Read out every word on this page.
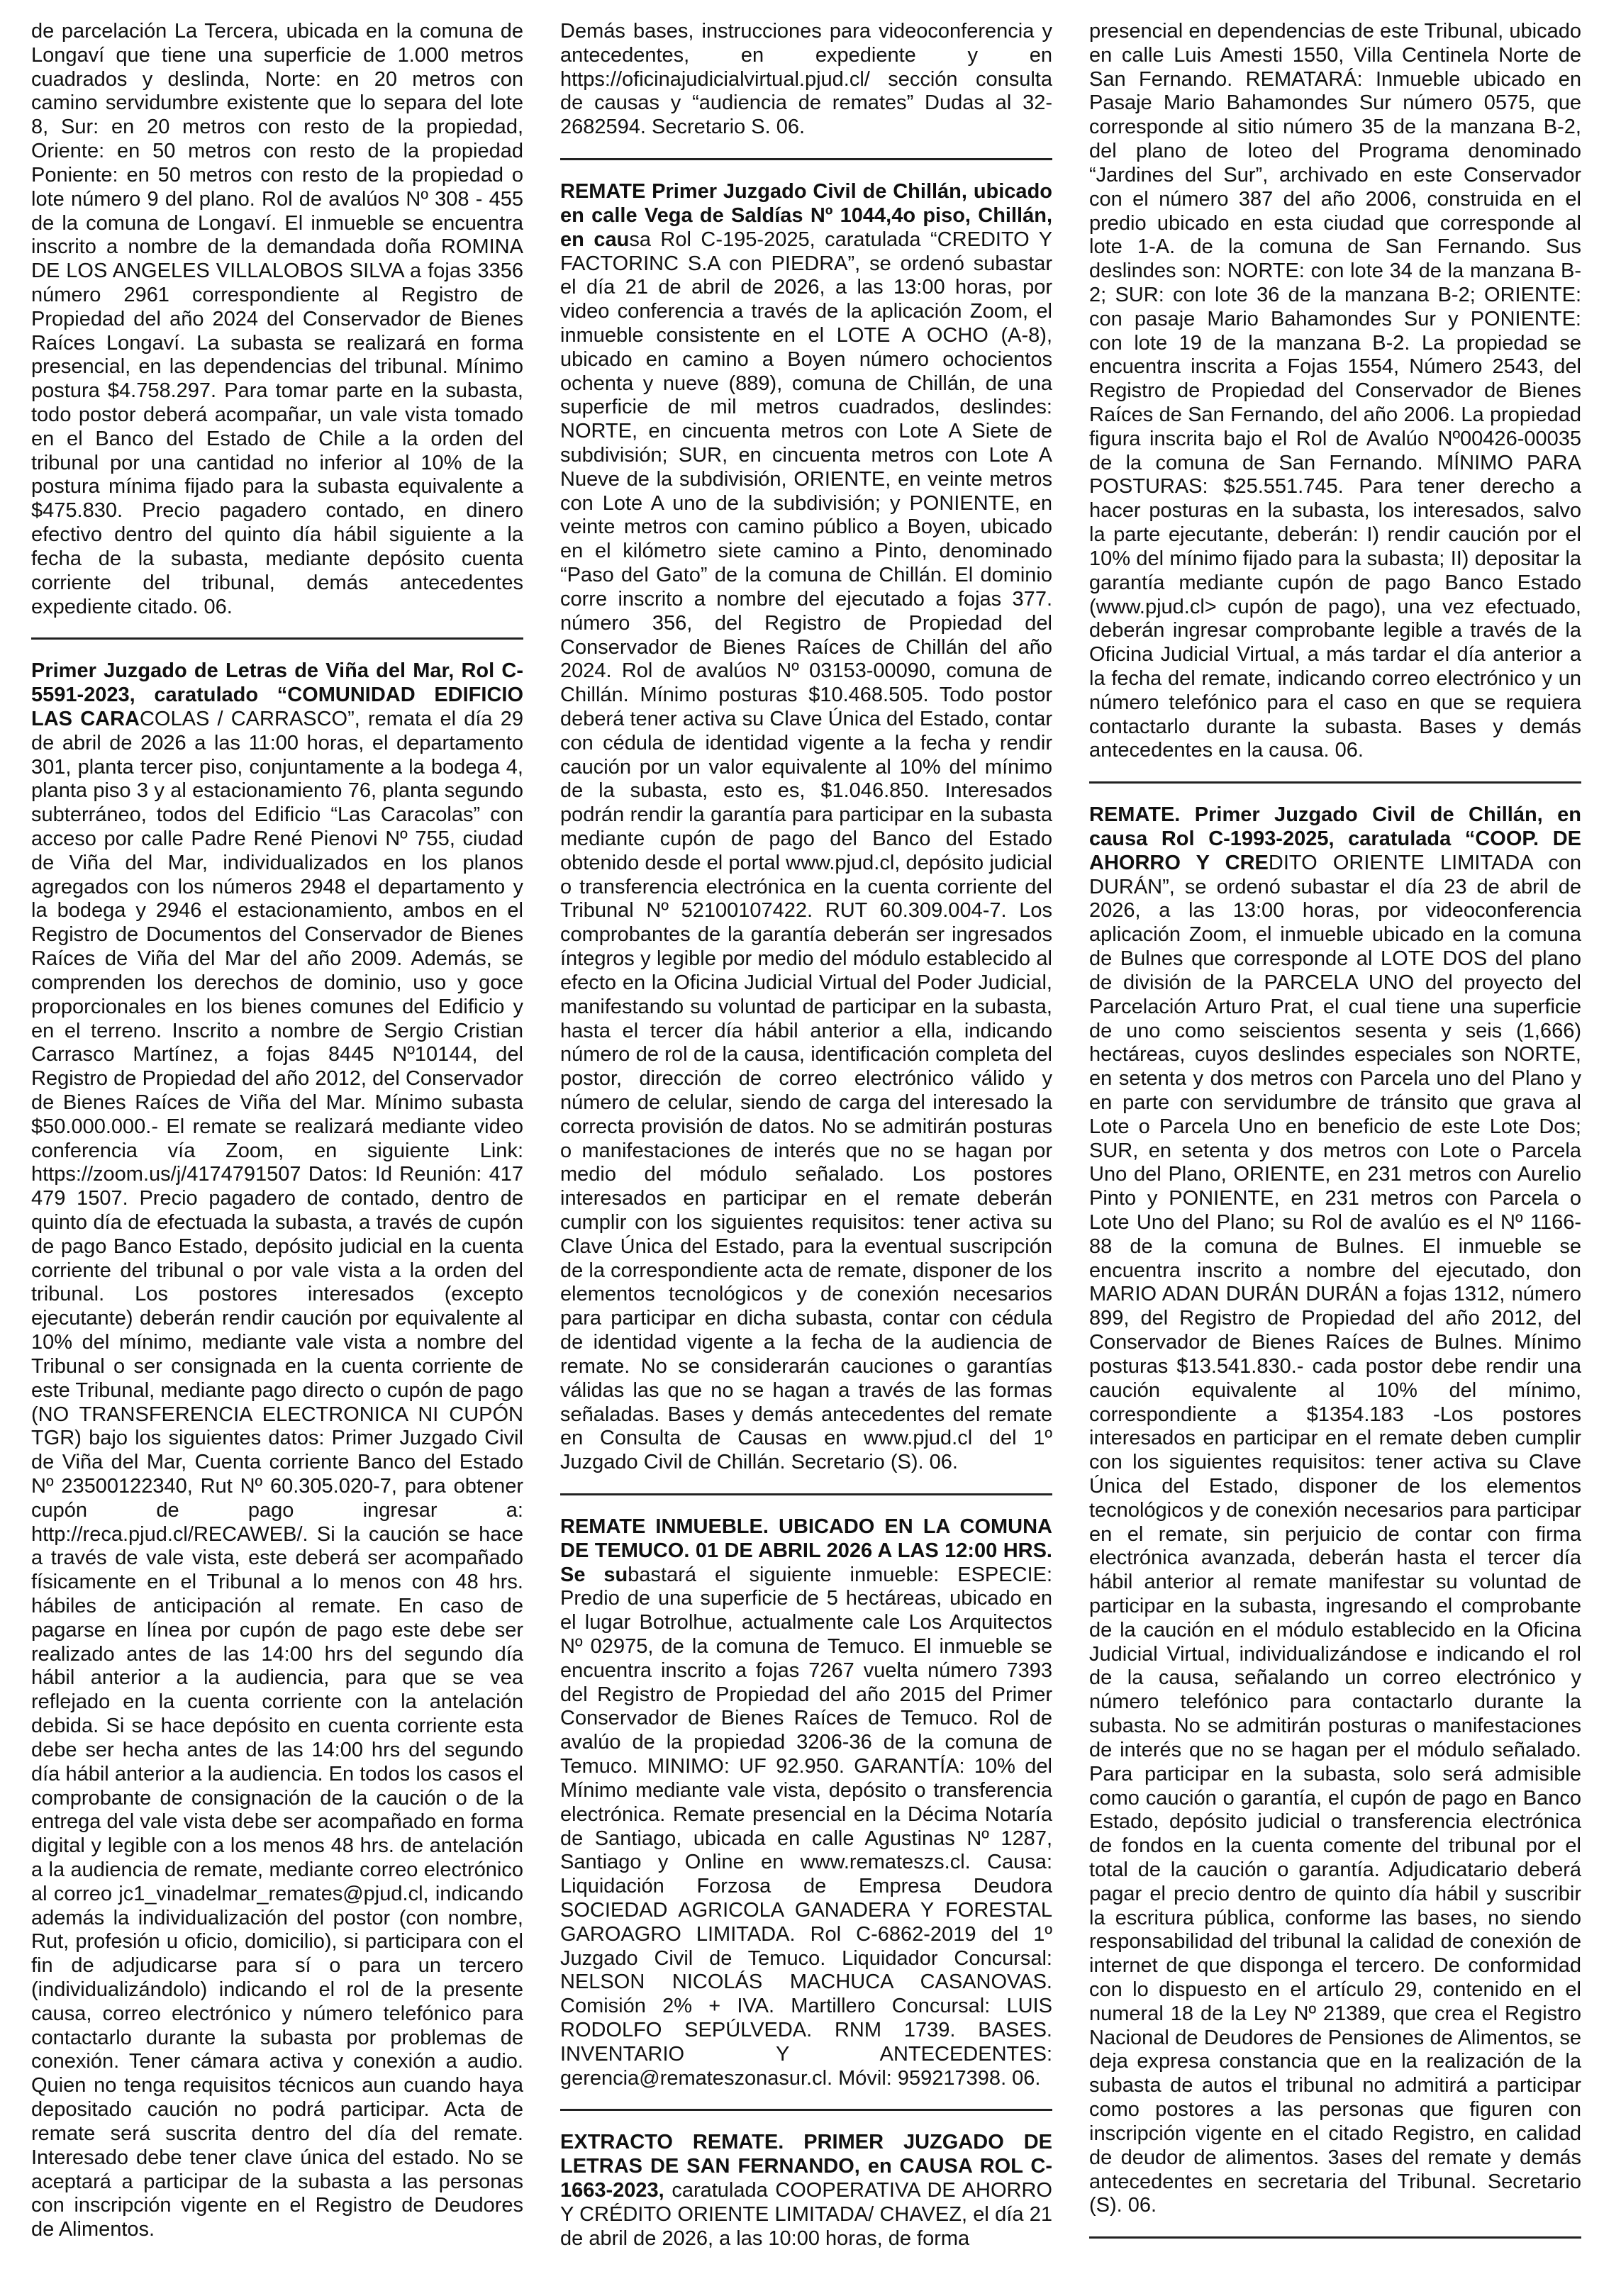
de parcelación La Tercera, ubicada en la comuna de Longaví que tiene una superficie de 1.000 metros cuadrados y deslinda, Norte: en 20 metros con camino servidumbre existente que lo separa del lote 8, Sur: en 20 metros con resto de la propiedad, Oriente: en 50 metros con resto de la propiedad Poniente: en 50 metros con resto de la propiedad o lote número 9 del plano. Rol de avalúos Nº 308 - 455 de la comuna de Longaví. El inmueble se encuentra inscrito a nombre de la demandada doña ROMINA DE LOS ANGELES VILLALOBOS SILVA a fojas 3356 número 2961 correspondiente al Registro de Propiedad del año 2024 del Conservador de Bienes Raíces Longaví. La subasta se realizará en forma presencial, en las dependencias del tribunal. Mínimo postura $4.758.297. Para tomar parte en la subasta, todo postor deberá acompañar, un vale vista tomado en el Banco del Estado de Chile a la orden del tribunal por una cantidad no inferior al 10% de la postura mínima fijado para la subasta equivalente a $475.830. Precio pagadero contado, en dinero efectivo dentro del quinto día hábil siguiente a la fecha de la subasta, mediante depósito cuenta corriente del tribunal, demás antecedentes expediente citado. 06.

Primer Juzgado de Letras de Viña del Mar, Rol C-5591-2023, caratulado “COMUNIDAD EDIFICIO LAS CARACOLAS / CARRASCO”, remata el día 29 de abril de 2026 a las 11:00 horas, el departamento 301, planta tercer piso, conjuntamente a la bodega 4, planta piso 3 y al estacionamiento 76, planta segundo subterráneo, todos del Edificio “Las Caracolas” con acceso por calle Padre René Pienovi Nº 755, ciudad de Viña del Mar, individualizados en los planos agregados con los números 2948 el departamento y la bodega y 2946 el estacionamiento, ambos en el Registro de Documentos del Conservador de Bienes Raíces de Viña del Mar del año 2009. Además, se comprenden los derechos de dominio, uso y goce proporcionales en los bienes comunes del Edificio y en el terreno. Inscrito a nombre de Sergio Cristian Carrasco Martínez, a fojas 8445 Nº10144, del Registro de Propiedad del año 2012, del Conservador de Bienes Raíces de Viña del Mar. Mínimo subasta $50.000.000.- El remate se realizará mediante video conferencia vía Zoom, en siguiente Link: https://zoom.us/j/4174791507 Datos: Id Reunión: 417 479 1507. Precio pagadero de contado, dentro de quinto día de efectuada la subasta, a través de cupón de pago Banco Estado, depósito judicial en la cuenta corriente del tribunal o por vale vista a la orden del tribunal. Los postores interesados (excepto ejecutante) deberán rendir caución por equivalente al 10% del mínimo, mediante vale vista a nombre del Tribunal o ser consignada en la cuenta corriente de este Tribunal, mediante pago directo o cupón de pago (NO TRANSFERENCIA ELECTRONICA NI CUPÓN TGR) bajo los siguientes datos: Primer Juzgado Civil de Viña del Mar, Cuenta corriente Banco del Estado Nº 23500122340, Rut Nº 60.305.020-7, para obtener cupón de pago ingresar a: http://reca.pjud.cl/RECAWEB/. Si la caución se hace a través de vale vista, este deberá ser acompañado físicamente en el Tribunal a lo menos con 48 hrs. hábiles de anticipación al remate. En caso de pagarse en línea por cupón de pago este debe ser realizado antes de las 14:00 hrs del segundo día hábil anterior a la audiencia, para que se vea reflejado en la cuenta corriente con la antelación debida. Si se hace depósito en cuenta corriente esta debe ser hecha antes de las 14:00 hrs del segundo día hábil anterior a la audiencia. En todos los casos el comprobante de consignación de la caución o de la entrega del vale vista debe ser acompañado en forma digital y legible con a los menos 48 hrs. de antelación a la audiencia de remate, mediante correo electrónico al correo jc1_vinadelmar_remates@pjud.cl, indicando además la individualización del postor (con nombre, Rut, profesión u oficio, domicilio), si participara con el fin de adjudicarse para sí o para un tercero (individualizándolo) indicando el rol de la presente causa, correo electrónico y número telefónico para contactarlo durante la subasta por problemas de conexión. Tener cámara activa y conexión a audio. Quien no tenga requisitos técnicos aun cuando haya depositado caución no podrá participar. Acta de remate será suscrita dentro del día del remate. Interesado debe tener clave única del estado. No se aceptará a participar de la subasta a las personas con inscripción vigente en el Registro de Deudores de Alimentos.

Demás bases, instrucciones para videoconferencia y antecedentes, en expediente y en https://oficinajudicialvirtual.pjud.cl/ sección consulta de causas y “audiencia de remates” Dudas al 32-2682594. Secretario S. 06.

REMATE Primer Juzgado Civil de Chillán, ubicado en calle Vega de Saldías Nº 1044,4o piso, Chillán, en causa Rol C-195-2025, caratulada “CREDITO Y FACTORINC S.A con PIEDRA”, se ordenó subastar el día 21 de abril de 2026, a las 13:00 horas, por video conferencia a través de la aplicación Zoom, el inmueble consistente en el LOTE A OCHO (A-8), ubicado en camino a Boyen número ochocientos ochenta y nueve (889), comuna de Chillán, de una superficie de mil metros cuadrados, deslindes: NORTE, en cincuenta metros con Lote A Siete de subdivisión; SUR, en cincuenta metros con Lote A Nueve de la subdivisión, ORIENTE, en veinte metros con Lote A uno de la subdivisión; y PONIENTE, en veinte metros con camino público a Boyen, ubicado en el kilómetro siete camino a Pinto, denominado “Paso del Gato” de la comuna de Chillán. El dominio corre inscrito a nombre del ejecutado a fojas 377. número 356, del Registro de Propiedad del Conservador de Bienes Raíces de Chillán del año 2024. Rol de avalúos Nº 03153-00090, comuna de Chillán. Mínimo posturas $10.468.505. Todo postor deberá tener activa su Clave Única del Estado, contar con cédula de identidad vigente a la fecha y rendir caución por un valor equivalente al 10% del mínimo de la subasta, esto es, $1.046.850. Interesados podrán rendir la garantía para participar en la subasta mediante cupón de pago del Banco del Estado obtenido desde el portal www.pjud.cl, depósito judicial o transferencia electrónica en la cuenta corriente del Tribunal Nº 52100107422. RUT 60.309.004-7. Los comprobantes de la garantía deberán ser ingresados íntegros y legible por medio del módulo establecido al efecto en la Oficina Judicial Virtual del Poder Judicial, manifestando su voluntad de participar en la subasta, hasta el tercer día hábil anterior a ella, indicando número de rol de la causa, identificación completa del postor, dirección de correo electrónico válido y número de celular, siendo de carga del interesado la correcta provisión de datos. No se admitirán posturas o manifestaciones de interés que no se hagan por medio del módulo señalado. Los postores interesados en participar en el remate deberán cumplir con los siguientes requisitos: tener activa su Clave Única del Estado, para la eventual suscripción de la correspondiente acta de remate, disponer de los elementos tecnológicos y de conexión necesarios para participar en dicha subasta, contar con cédula de identidad vigente a la fecha de la audiencia de remate. No se considerarán cauciones o garantías válidas las que no se hagan a través de las formas señaladas. Bases y demás antecedentes del remate en Consulta de Causas en www.pjud.cl del 1º Juzgado Civil de Chillán. Secretario (S). 06.

REMATE INMUEBLE. UBICADO EN LA COMUNA DE TEMUCO. 01 DE ABRIL 2026 A LAS 12:00 HRS. Se subastará el siguiente inmueble: ESPECIE: Predio de una superficie de 5 hectáreas, ubicado en el lugar Botrolhue, actualmente cale Los Arquitectos Nº 02975, de la comuna de Temuco. El inmueble se encuentra inscrito a fojas 7267 vuelta número 7393 del Registro de Propiedad del año 2015 del Primer Conservador de Bienes Raíces de Temuco. Rol de avalúo de la propiedad 3206-36 de la comuna de Temuco. MINIMO: UF 92.950. GARANTÍA: 10% del Mínimo mediante vale vista, depósito o transferencia electrónica. Remate presencial en la Décima Notaría de Santiago, ubicada en calle Agustinas Nº 1287, Santiago y Online en www.remateszs.cl. Causa: Liquidación Forzosa de Empresa Deudora SOCIEDAD AGRICOLA GANADERA Y FORESTAL GAROAGRO LIMITADA. Rol C-6862-2019 del 1º Juzgado Civil de Temuco. Liquidador Concursal: NELSON NICOLÁS MACHUCA CASANOVAS. Comisión 2% + IVA. Martillero Concursal: LUIS RODOLFO SEPÚLVEDA. RNM 1739. BASES. INVENTARIO Y ANTECEDENTES: gerencia@remateszonasur.cl. Móvil: 959217398. 06.

EXTRACTO REMATE. PRIMER JUZGADO DE LETRAS DE SAN FERNANDO, en CAUSA ROL C-1663-2023, caratulada COOPERATIVA DE AHORRO Y CRÉDITO ORIENTE LIMITADA/ CHAVEZ, el día 21 de abril de 2026, a las 10:00 horas, de forma

presencial en dependencias de este Tribunal, ubicado en calle Luis Amesti 1550, Villa Centinela Norte de San Fernando. REMATARÁ: Inmueble ubicado en Pasaje Mario Bahamondes Sur número 0575, que corresponde al sitio número 35 de la manzana B-2, del plano de loteo del Programa denominado “Jardines del Sur”, archivado en este Conservador con el número 387 del año 2006, construida en el predio ubicado en esta ciudad que corresponde al lote 1-A. de la comuna de San Fernando. Sus deslindes son: NORTE: con lote 34 de la manzana B-2; SUR: con lote 36 de la manzana B-2; ORIENTE: con pasaje Mario Bahamondes Sur y PONIENTE: con lote 19 de la manzana B-2. La propiedad se encuentra inscrita a Fojas 1554, Número 2543, del Registro de Propiedad del Conservador de Bienes Raíces de San Fernando, del año 2006. La propiedad figura inscrita bajo el Rol de Avalúo Nº00426-00035 de la comuna de San Fernando. MÍNIMO PARA POSTURAS: $25.551.745. Para tener derecho a hacer posturas en la subasta, los interesados, salvo la parte ejecutante, deberán: I) rendir caución por el 10% del mínimo fijado para la subasta; II) depositar la garantía mediante cupón de pago Banco Estado (www.pjud.cl> cupón de pago), una vez efectuado, deberán ingresar comprobante legible a través de la Oficina Judicial Virtual, a más tardar el día anterior a la fecha del remate, indicando correo electrónico y un número telefónico para el caso en que se requiera contactarlo durante la subasta. Bases y demás antecedentes en la causa. 06.

REMATE. Primer Juzgado Civil de Chillán, en causa Rol C-1993-2025, caratulada “COOP. DE AHORRO Y CREDITO ORIENTE LIMITADA con DURÁN”, se ordenó subastar el día 23 de abril de 2026, a las 13:00 horas, por videoconferencia aplicación Zoom, el inmueble ubicado en la comuna de Bulnes que corresponde al LOTE DOS del plano de división de la PARCELA UNO del proyecto del Parcelación Arturo Prat, el cual tiene una superficie de uno como seiscientos sesenta y seis (1,666) hectáreas, cuyos deslindes especiales son NORTE, en setenta y dos metros con Parcela uno del Plano y en parte con servidumbre de tránsito que grava al Lote o Parcela Uno en beneficio de este Lote Dos; SUR, en setenta y dos metros con Lote o Parcela Uno del Plano, ORIENTE, en 231 metros con Aurelio Pinto y PONIENTE, en 231 metros con Parcela o Lote Uno del Plano; su Rol de avalúo es el Nº 1166-88 de la comuna de Bulnes. El inmueble se encuentra inscrito a nombre del ejecutado, don MARIO ADAN DURÁN DURÁN a fojas 1312, número 899, del Registro de Propiedad del año 2012, del Conservador de Bienes Raíces de Bulnes. Mínimo posturas $13.541.830.- cada postor debe rendir una caución equivalente al 10% del mínimo, correspondiente a $1354.183 -Los postores interesados en participar en el remate deben cumplir con los siguientes requisitos: tener activa su Clave Única del Estado, disponer de los elementos tecnológicos y de conexión necesarios para participar en el remate, sin perjuicio de contar con firma electrónica avanzada, deberán hasta el tercer día hábil anterior al remate manifestar su voluntad de participar en la subasta, ingresando el comprobante de la caución en el módulo establecido en la Oficina Judicial Virtual, individualizándose e indicando el rol de la causa, señalando un correo electrónico y número telefónico para contactarlo durante la subasta. No se admitirán posturas o manifestaciones de interés que no se hagan per el módulo señalado. Para participar en la subasta, solo será admisible como caución o garantía, el cupón de pago en Banco Estado, depósito judicial o transferencia electrónica de fondos en la cuenta comente del tribunal por el total de la caución o garantía. Adjudicatario deberá pagar el precio dentro de quinto día hábil y suscribir la escritura pública, conforme las bases, no siendo responsabilidad del tribunal la calidad de conexión de internet de que disponga el tercero. De conformidad con lo dispuesto en el artículo 29, contenido en el numeral 18 de la Ley Nº 21389, que crea el Registro Nacional de Deudores de Pensiones de Alimentos, se deja expresa constancia que en la realización de la subasta de autos el tribunal no admitirá a participar como postores a las personas que figuren con inscripción vigente en el citado Registro, en calidad de deudor de alimentos. 3ases del remate y demás antecedentes en secretaria del Tribunal. Secretario (S). 06.
